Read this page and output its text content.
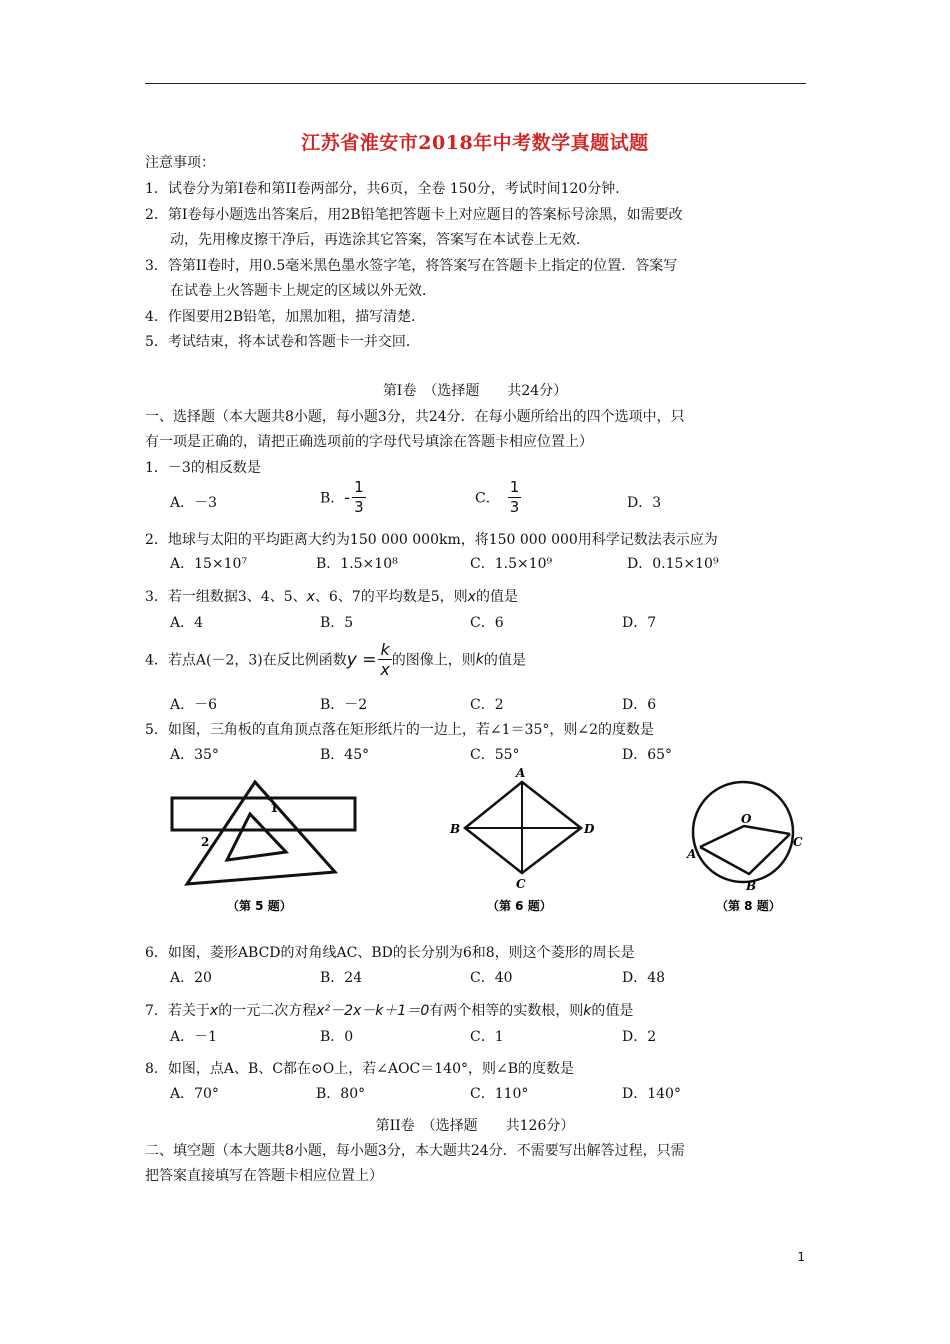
江苏省淮安市2018年中考数学真题试题
注意事项：
1．试卷分为第Ⅰ卷和第II卷两部分，共6页，全卷 150分，考试时间120分钟．
2．第Ⅰ卷每小题选出答案后，用2B铅笔把答题卡上对应题目的答案标号涂黑，如需要改
动，先用橡皮擦干净后，再选涂其它答案，答案写在本试卷上无效．
3．答第II卷时，用0.5毫米黑色墨水签字笔，将答案写在答题卡上指定的位置．答案写
在试卷上火答题卡上规定的区域以外无效．
4．作图要用2B铅笔，加黑加粗，描写清楚．
5．考试结束，将本试卷和答题卡一并交回．
第Ⅰ卷　（选择题　　共24分）
一、选择题（本大题共8小题，每小题3分，共24分．在每小题所给出的四个选项中，只
有一项是正确的，请把正确选项前的字母代号填涂在答题卡相应位置上）
1．－3的相反数是
A．－3	B．- $\frac{1}{3}$	C． $\frac{1}{3}$	D．3
2．地球与太阳的平均距离大约为150 000 000km，将150 000 000用科学记数法表示应为
A．15×10⁷	B．1.5×10⁸	C．1.5×10⁹	D．0.15×10⁹
3．若一组数据3、4、5、x、6、7的平均数是5，则x的值是
A．4	B．5	C．6	D．7
4．若点A(－2，3)在反比例函数$y = \frac{k}{x}$ 的图像上，则k的值是
A．－6	B．－2	C．2	D．6
5．如图，三角板的直角顶点落在矩形纸片的一边上，若∠1＝35°，则∠2的度数是
A．35°	B．45°	C．55°	D．65°
1
2
（第 5 题）
A
B
C
D
（第 6 题）
O
A
B
C
（第 8 题）
6．如图，菱形ABCD的对角线AC、BD的长分别为6和8，则这个菱形的周长是
A．20	B．24	C．40	D．48
7．若关于x的一元二次方程x²－2x－k＋1＝0有两个相等的实数根，则k的值是
A．－1	B．0	C．1	D．2
8．如图，点A、B、C都在⊙O上，若∠AOC＝140°，则∠B的度数是
A．70°	B．80°	C．110°	D．140°
第II卷　（选择题　　共126分）
二、填空题（本大题共8小题，每小题3分，本大题共24分．不需要写出解答过程，只需
把答案直接填写在答题卡相应位置上）
1
